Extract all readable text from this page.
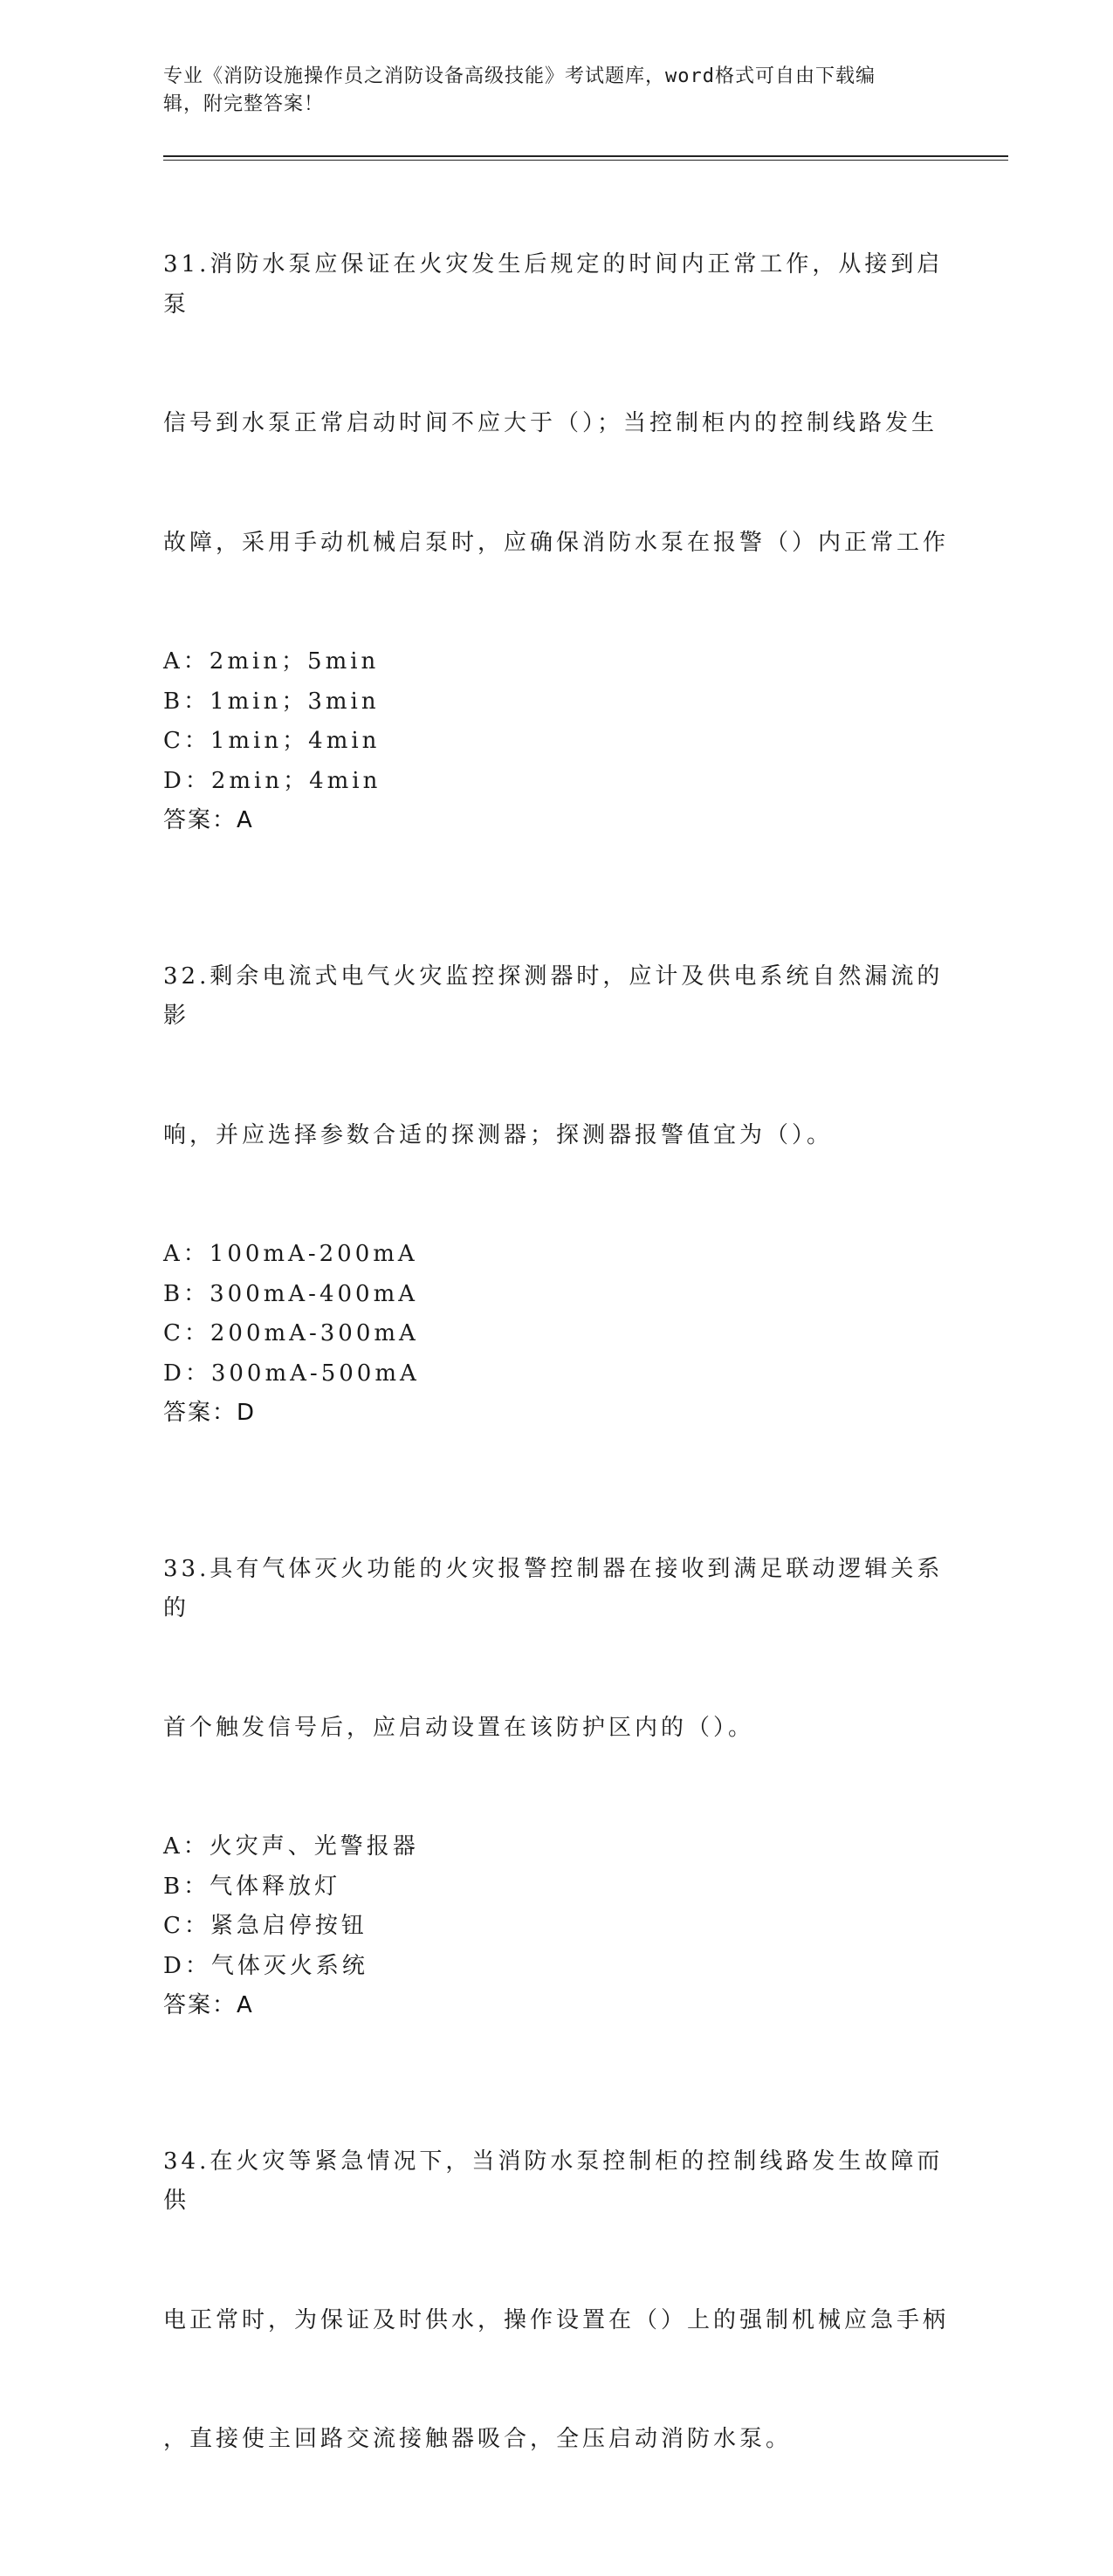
专业《消防设施操作员之消防设备高级技能》考试题库，word格式可自由下载编
辑，附完整答案！

31.消防水泵应保证在火灾发生后规定的时间内正常工作，从接到启泵

信号到水泵正常启动时间不应大于（）；当控制柜内的控制线路发生

故障，采用手动机械启泵时，应确保消防水泵在报警（）内正常工作

A：2min；5min
B：1min；3min
C：1min；4min
D：2min；4min
答案：A

32.剩余电流式电气火灾监控探测器时，应计及供电系统自然漏流的影

响，并应选择参数合适的探测器；探测器报警值宜为（）。

A：100mA-200mA
B：300mA-400mA
C：200mA-300mA
D：300mA-500mA
答案：D

33.具有气体灭火功能的火灾报警控制器在接收到满足联动逻辑关系的

首个触发信号后，应启动设置在该防护区内的（）。

A：火灾声、光警报器
B：气体释放灯
C：紧急启停按钮
D：气体灭火系统
答案：A

34.在火灾等紧急情况下，当消防水泵控制柜的控制线路发生故障而供

电正常时，为保证及时供水，操作设置在（）上的强制机械应急手柄

，直接使主回路交流接触器吸合，全压启动消防水泵。
